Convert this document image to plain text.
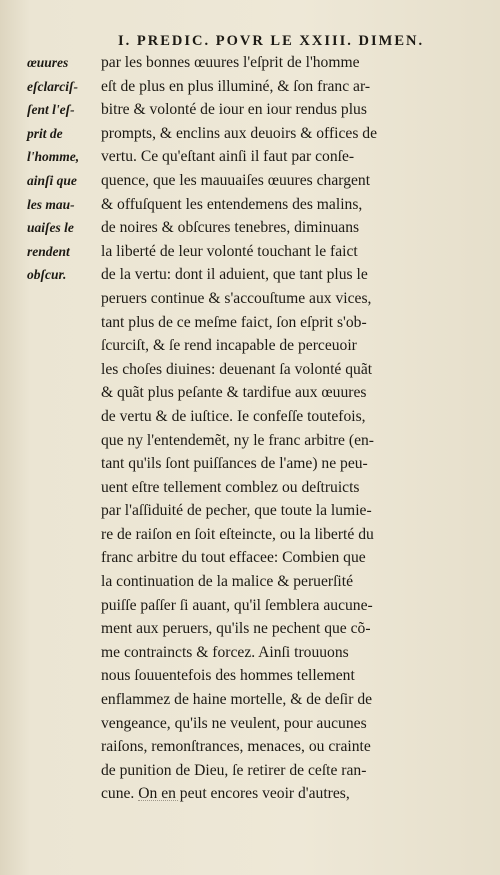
I. PREDIC. POVR LE XXIII. DIMEN.
œuures
eſclarciſ-
ſent l'eſ-
prit de
l'homme,
ainſi que
les mau-
uaiſes le
rendent
obſcur.
par les bonnes œuures l'eſprit de l'homme
eſt de plus en plus illuminé, & ſon franc ar-
bitre & volonté de iour en iour rendus plus
prompts, & enclins aux deuoirs & offices de
vertu. Ce qu'eſtant ainſi il faut par conſe-
quence, que les mauuaiſes œuures chargent
& offuſquent les entendemens des malins,
de noires & obſcures tenebres, diminuans
la liberté de leur volonté touchant le faict
de la vertu: dont il aduient, que tant plus le
peruers continue & s'accouſtume aux vices,
tant plus de ce meſme faict, ſon eſprit s'ob-
ſcurciſt, & ſe rend incapable de perceuoir
les choſes diuines: deuenant ſa volonté quãt
& quãt plus peſante & tardifue aux œuures
de vertu & de iuſtice. Ie confeſſe toutefois,
que ny l'entendemẽt, ny le franc arbitre (en-
tant qu'ils ſont puiſſances de l'ame) ne peu-
uent eſtre tellement comblez ou deſtruicts
par l'aſſiduité de pecher, que toute la lumie-
re de raiſon en ſoit eſteincte, ou la liberté du
franc arbitre du tout effacee: Combien que
la continuation de la malice & peruerſité
puiſſe paſſer ſi auant, qu'il ſemblera aucune-
ment aux peruers, qu'ils ne pechent que cõ-
me contraincts & forcez. Ainſi trouuons
nous ſouuentefois des hommes tellement
enflammez de haine mortelle, & de deſir de
vengeance, qu'ils ne veulent, pour aucunes
raiſons, remonſtrances, menaces, ou crainte
de punition de Dieu, ſe retirer de ceſte ran-
cune. On en peut encores veoir d'autres,
